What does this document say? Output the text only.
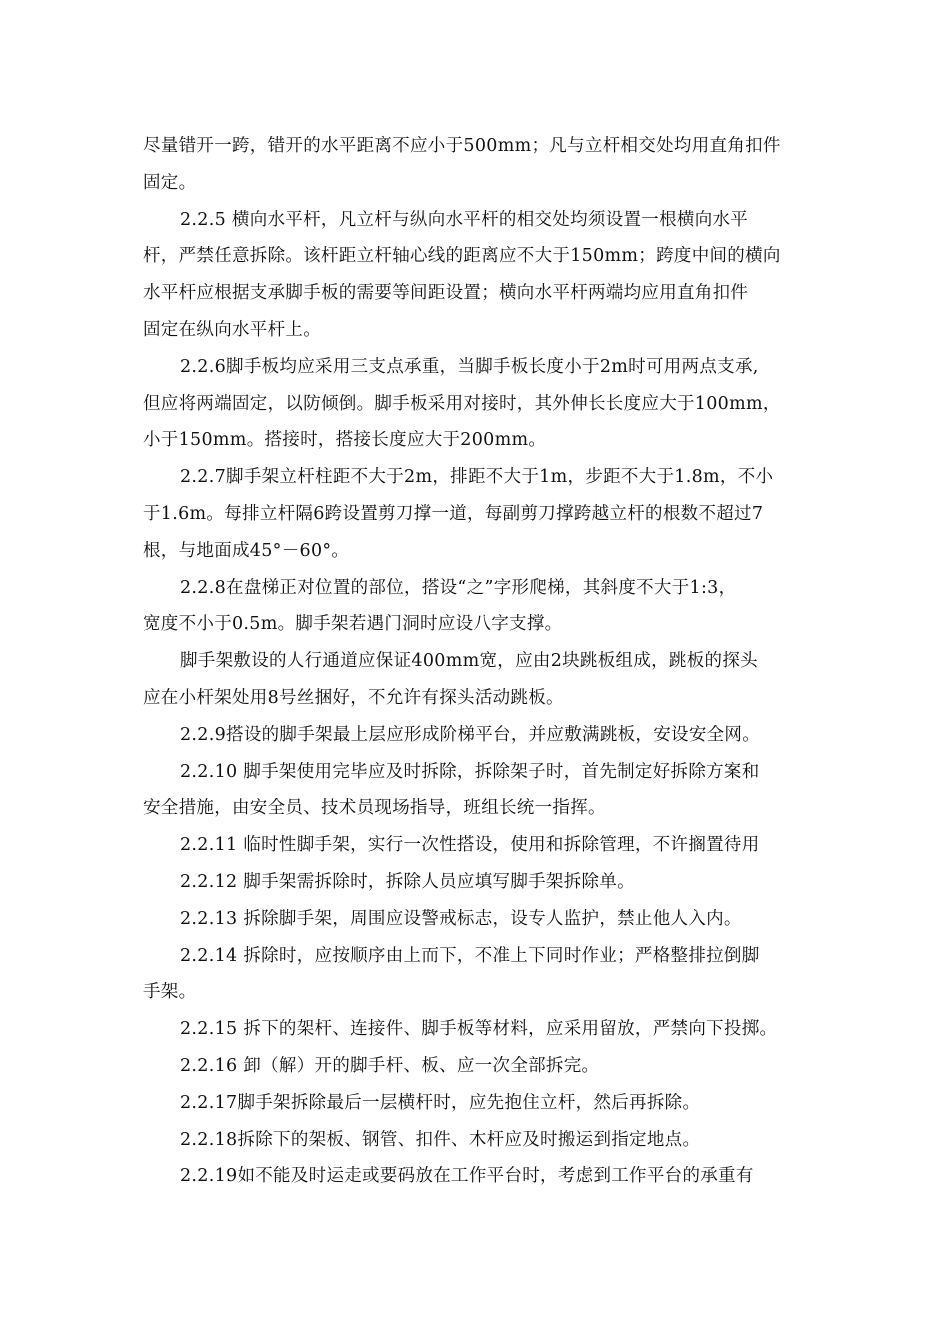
尽量错开一跨，错开的水平距离不应小于500mm；凡与立杆相交处均用直角扣件
固定。
2.2.5 横向水平杆，凡立杆与纵向水平杆的相交处均须设置一根横向水平
杆，严禁任意拆除。该杆距立杆轴心线的距离应不大于150mm；跨度中间的横向
水平杆应根据支承脚手板的需要等间距设置；横向水平杆两端均应用直角扣件
固定在纵向水平杆上。
2.2.6脚手板均应采用三支点承重，当脚手板长度小于2m时可用两点支承,
但应将两端固定，以防倾倒。脚手板采用对接时，其外伸长长度应大于100mm，
小于150mm。搭接时，搭接长度应大于200mm。
2.2.7脚手架立杆柱距不大于2m，排距不大于1m，步距不大于1.8m，不小
于1.6m。每排立杆隔6跨设置剪刀撑一道，每副剪刀撑跨越立杆的根数不超过7
根，与地面成45°－60°。
2.2.8在盘梯正对位置的部位，搭设“之”字形爬梯，其斜度不大于1:3，
宽度不小于0.5m。脚手架若遇门洞时应设八字支撑。
脚手架敷设的人行通道应保证400mm宽，应由2块跳板组成，跳板的探头
应在小杆架处用8号丝捆好，不允许有探头活动跳板。
2.2.9搭设的脚手架最上层应形成阶梯平台，并应敷满跳板，安设安全网。
2.2.10 脚手架使用完毕应及时拆除，拆除架子时，首先制定好拆除方案和
安全措施，由安全员、技术员现场指导，班组长统一指挥。
2.2.11 临时性脚手架，实行一次性搭设，使用和拆除管理，不许搁置待用
2.2.12 脚手架需拆除时，拆除人员应填写脚手架拆除单。
2.2.13 拆除脚手架，周围应设警戒标志，设专人监护，禁止他人入内。
2.2.14 拆除时，应按顺序由上而下，不准上下同时作业；严格整排拉倒脚
手架。
2.2.15 拆下的架杆、连接件、脚手板等材料，应采用留放，严禁向下投掷。
2.2.16 卸（解）开的脚手杆、板、应一次全部拆完。
2.2.17脚手架拆除最后一层横杆时，应先抱住立杆，然后再拆除。
2.2.18拆除下的架板、钢管、扣件、木杆应及时搬运到指定地点。
2.2.19如不能及时运走或要码放在工作平台时，考虑到工作平台的承重有
